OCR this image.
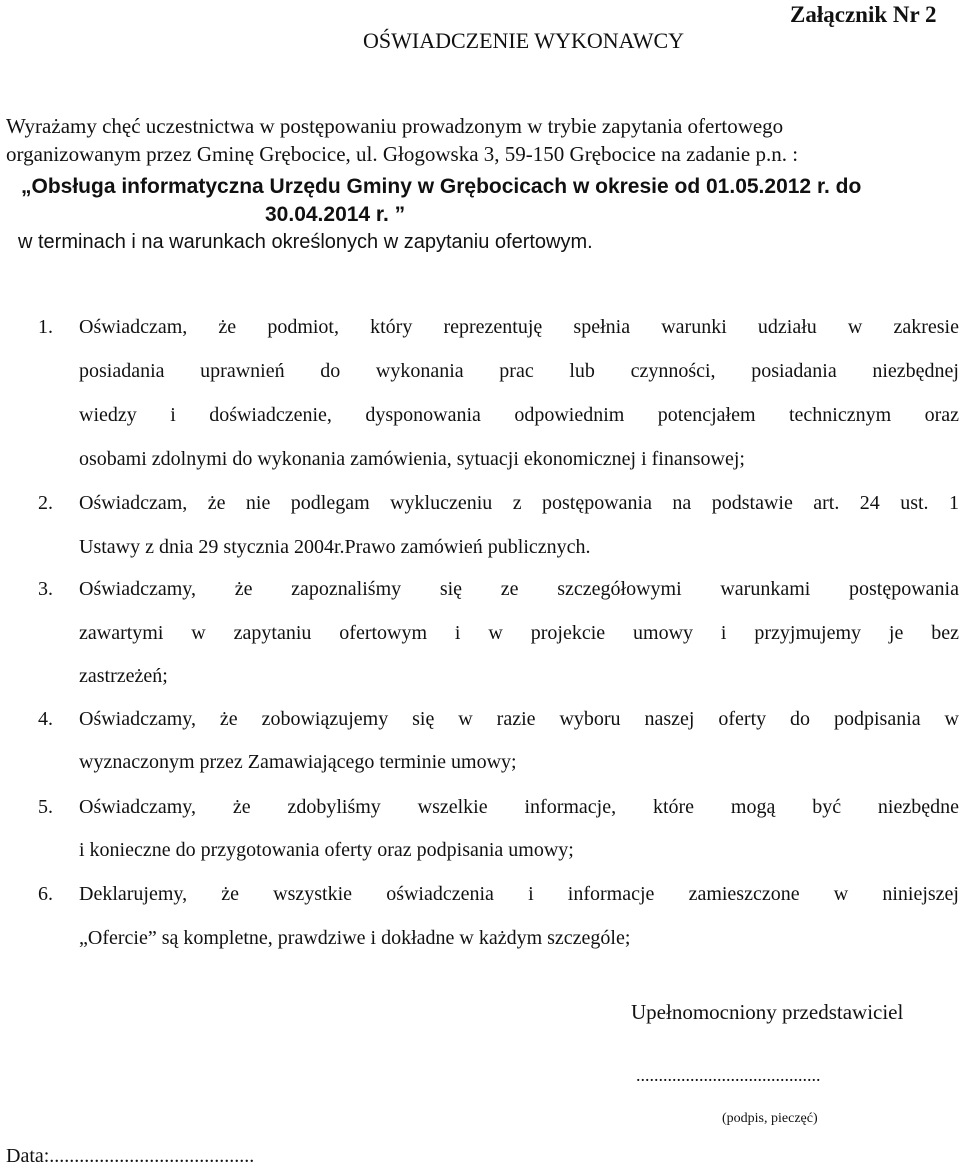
Załącznik Nr 2
OŚWIADCZENIE WYKONAWCY
Wyrażamy chęć uczestnictwa w postępowaniu prowadzonym w trybie zapytania ofertowego
organizowanym przez Gminę Grębocice, ul. Głogowska 3, 59-150 Grębocice na zadanie p.n. :
„Obsługa informatyczna Urzędu Gminy w Grębocicach w okresie od 01.05.2012 r. do
30.04.2014 r. ”
w terminach i na warunkach określonych w zapytaniu ofertowym.
1. Oświadczam, że podmiot, który reprezentuję spełnia warunki udziału w zakresie
posiadania uprawnień do wykonania prac lub czynności, posiadania niezbędnej
wiedzy i doświadczenie, dysponowania odpowiednim potencjałem technicznym oraz
osobami zdolnymi do wykonania zamówienia, sytuacji ekonomicznej i finansowej;
2. Oświadczam, że nie podlegam wykluczeniu z postępowania na podstawie art. 24 ust. 1
Ustawy z dnia 29 stycznia 2004r.Prawo zamówień publicznych.
3. Oświadczamy, że zapoznaliśmy się ze szczegółowymi warunkami postępowania
zawartymi w zapytaniu ofertowym i w projekcie umowy i przyjmujemy je bez
zastrzeżeń;
4. Oświadczamy, że zobowiązujemy się w razie wyboru naszej oferty do podpisania w
wyznaczonym przez Zamawiającego terminie umowy;
5. Oświadczamy, że zdobyliśmy wszelkie informacje, które mogą być niezbędne
i konieczne do przygotowania oferty oraz podpisania umowy;
6. Deklarujemy, że wszystkie oświadczenia i informacje zamieszczone w niniejszej
„Ofercie” są kompletne, prawdziwe i dokładne w każdym szczególe;
Upełnomocniony przedstawiciel
.........................................
(podpis, pieczęć)
Data:.........................................
